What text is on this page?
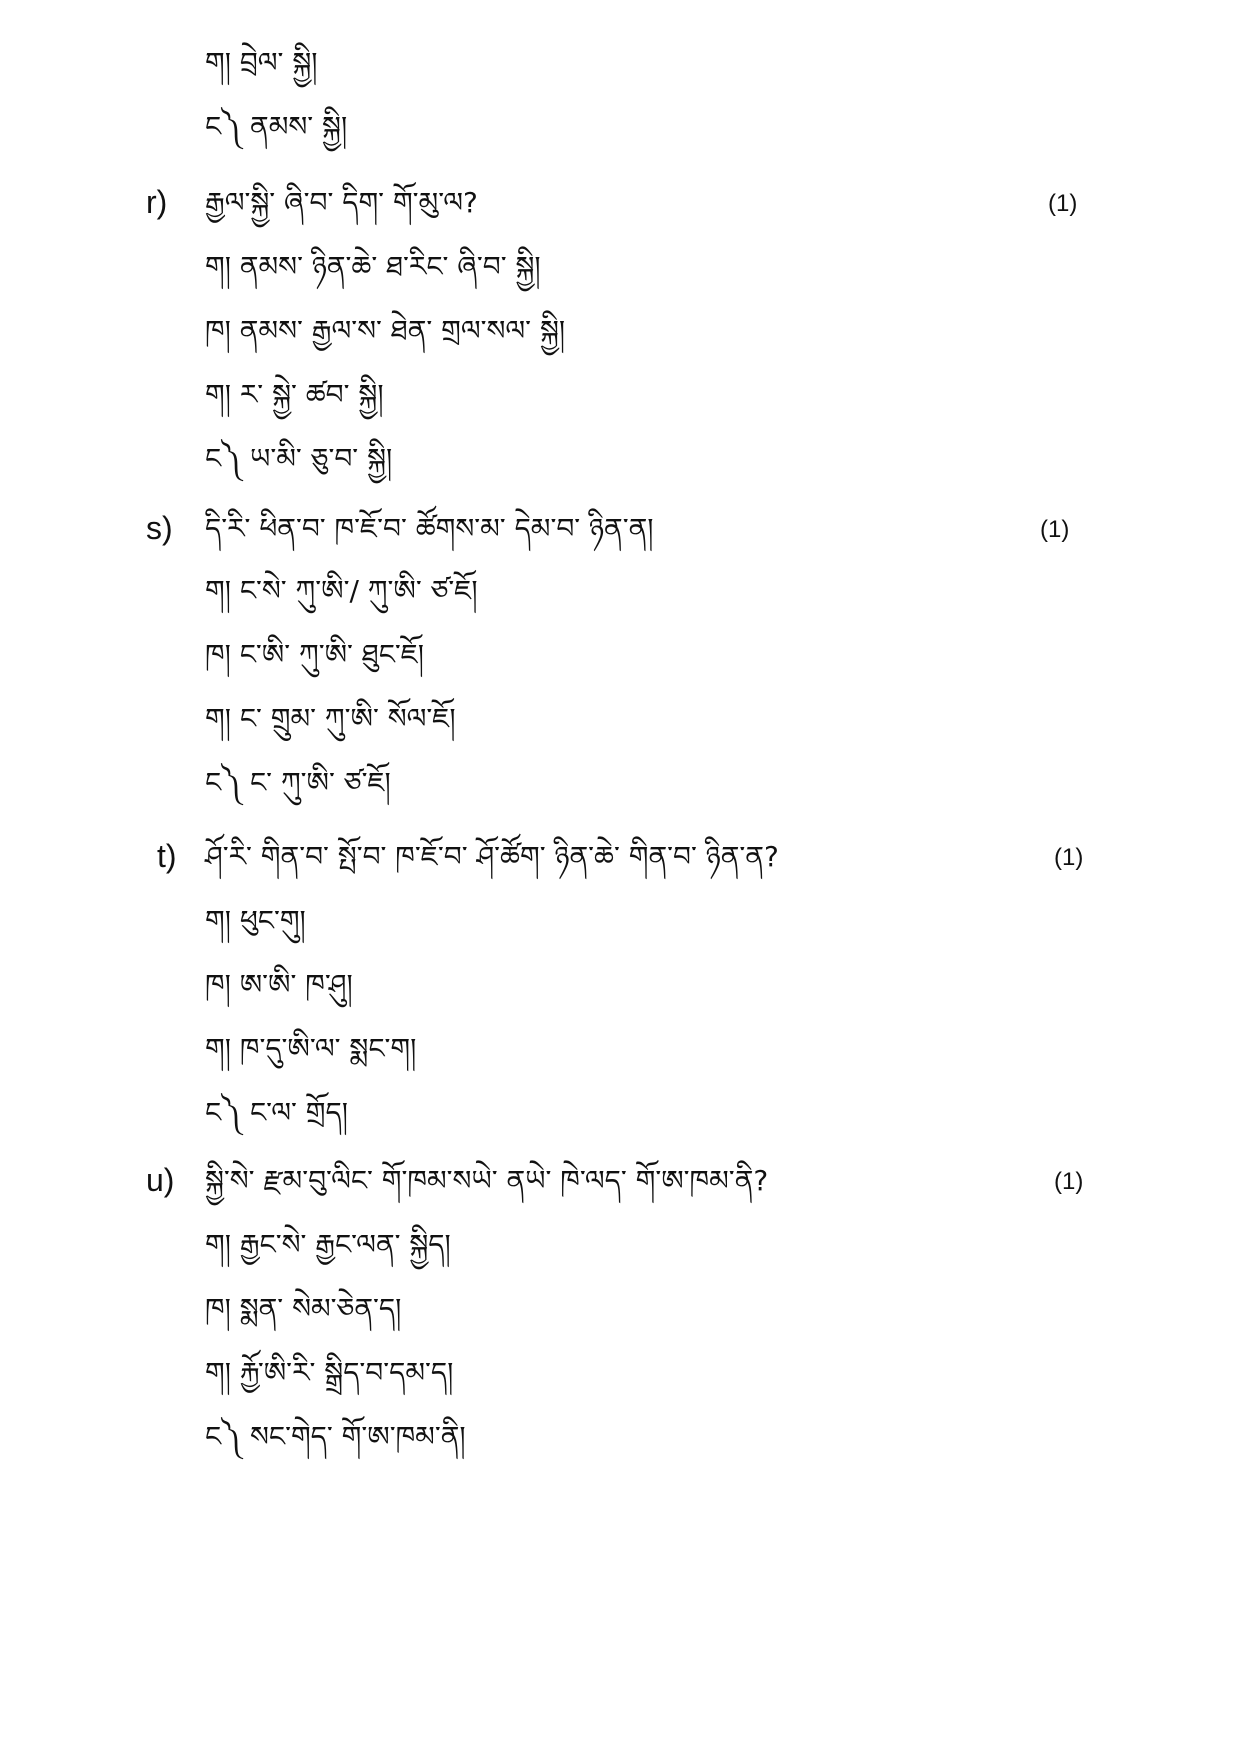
ག། བྲེལ་ སྐྱི།
ང༽ ནམས་ སྐྱི།
r) རྒྱལ་སྐྱི་ ཞི་བ་ དིག་ གོ་མུ་ལ?	(1)
ག། ནམས་ ཉིན་ཆེ་ ཐ་རིང་ ཞི་བ་ སྐྱི།
ཁ། ནམས་ རྒྱལ་ས་ ཐེན་ གྲལ་སལ་ སྐྱི།
ག། ར་ སྐྱེ་ ཚབ་ སྐྱི།
ང༽ ཡ་མི་ ཅུ་བ་ སྐྱི།
s) དི་རི་ ཕིན་བ་ ཁ་ཇོ་བ་ ཚོགས་མ་ དེམ་བ་ ཉིན་ན།	(1)
ག། ང་སེ་ ཀུ་ཨི་/ ཀུ་ཨི་ ཙ་ཇོ།
ཁ། ང་ཨི་ ཀུ་ཨི་ ཐུང་ཇོ།
ག། ང་ གྲུམ་ ཀུ་ཨི་ སོལ་ཇོ།
ང༽ ང་ ཀུ་ཨི་ ཙ་ཇོ།
t) ཤོ་རི་ གིན་བ་ སྤོ་བ་ ཁ་ཇོ་བ་ ཤོ་ཚོག་ ཉིན་ཆེ་ གིན་བ་ ཉིན་ན?	(1)
ག། ཕུང་གུ།
ཁ། ཨ་ཨི་ ཁ་ཤུ།
ག། ཁ་དུ་ཨི་ལ་ སྨང་ག།
ང༽ ང་ལ་ གྲོད།
u) སྐྱི་སེ་ རྫམ་བུ་ལིང་ གོ་ཁམ་སཡེ་ ནཡེ་ ཁེ་ལད་ གོ་ཨ་ཁམ་ནི?	(1)
ག། རྒྱང་སེ་ རྒྱང་ལན་ སྐྱིད།
ཁ། སྨན་ སེམ་ཅེན་ད།
ག། རྐྱོ་ཨི་རི་ སྒྲིད་བ་དམ་ད།
ང༽ སང་གེད་ གོ་ཨ་ཁམ་ནི།
